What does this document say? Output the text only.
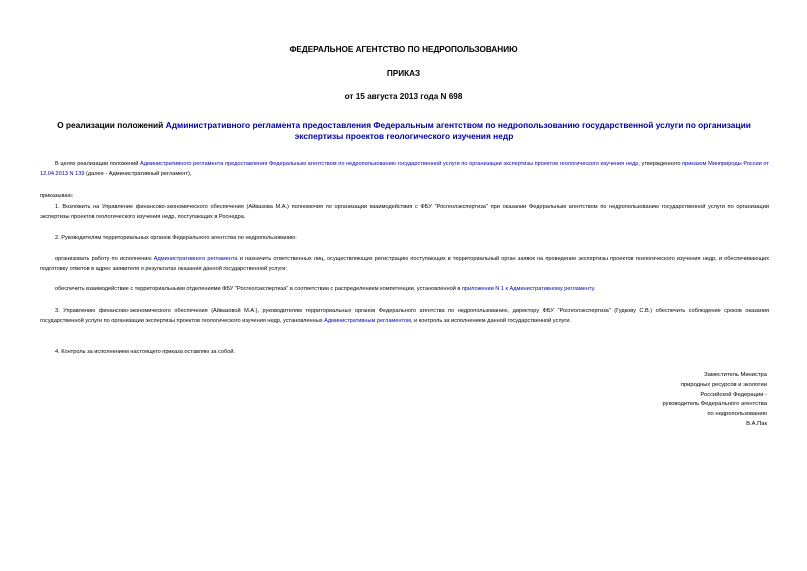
ФЕДЕРАЛЬНОЕ АГЕНТСТВО ПО НЕДРОПОЛЬЗОВАНИЮ
ПРИКАЗ
от 15 августа 2013 года N 698
О реализации положений Административного регламента предоставления Федеральным агентством по недропользованию государственной услуги по организации экспертизы проектов геологического изучения недр
В целях реализации положений Административного регламента предоставления Федеральным агентством по недропользованию государственной услуги по организации экспертизы проектов геологического изучения недр, утвержденного приказом Минприроды России от 12.04.2013 N 139 (далее - Административный регламент),
приказываю:
1. Возложить на Управление финансово-экономического обеспечения (Айвазова М.А.) полномочия по организации взаимодействия с ФБУ "Росгеолэкспертиза" при оказании Федеральным агентством по недропользованию государственной услуги по организации экспертизы проектов геологического изучения недр, поступающих в Роснедра.
2. Руководителям территориальных органов Федерального агентства по недропользованию:
организовать работу по исполнению Административного регламента и назначить ответственных лиц, осуществляющих регистрацию поступающих в территориальный орган заявок на проведение экспертизы проектов геологического изучения недр, и обеспечивающих подготовку ответов в адрес заявителя о результатах оказания данной государственной услуги;
обеспечить взаимодействие с территориальными отделениями ФБУ "Росгеолэкспертиза" в соответствии с распределением компетенции, установленной в приложении N 1 к Административному регламенту.
3. Управлению финансово-экономического обеспечения (Айвазовой М.А.), руководителям территориальных органов Федерального агентства по недропользованию, директору ФБУ "Росгеолэкспертиза" (Гудкову С.В.) обеспечить соблюдение сроков оказания государственной услуги по организации экспертизы проектов геологического изучения недр, установленных Административным регламентом, и контроль за исполнением данной государственной услуги.
4. Контроль за исполнением настоящего приказа оставляю за собой.
Заместитель Министра
природных ресурсов и экологии
Российской Федерации -
руководитель Федерального агентства
по недропользованию
В.А.Пак
